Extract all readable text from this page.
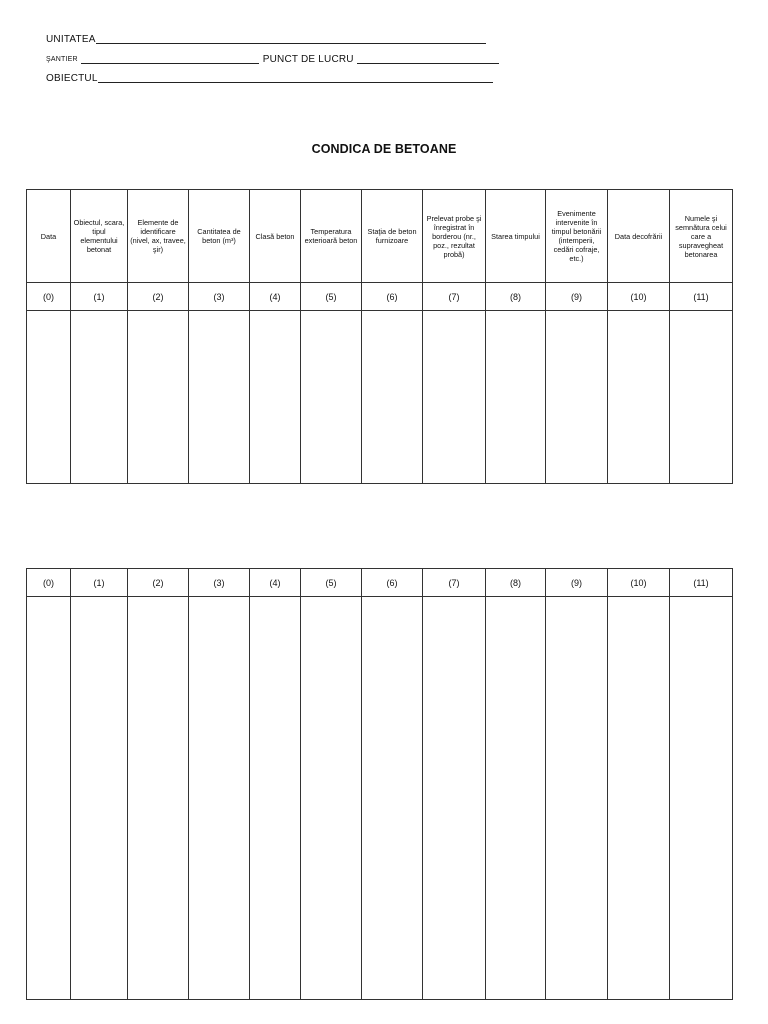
UNITATEA
ŞANTIER	PUNCT DE LUCRU
OBIECTUL
CONDICA DE BETOANE
Data	Obiectul, scara, tipul elementului betonat	Elemente de identificare (nivel, ax, travee, şir)	Cantitatea de beton (m³)	Clasă beton	Temperatura exterioară beton	Staţia de beton furnizoare	Prelevat probe şi înregistrat în borderou (nr., poz., rezultat probă)	Starea timpului	Evenimente intervenite în timpul betonării (intemperii, cedări cofraje, etc.)	Data decofrării	Numele şi semnătura celui care a supravegheat betonarea
(0)	(1)	(2)	(3)	(4)	(5)	(6)	(7)	(8)	(9)	(10)	(11)

(0)	(1)	(2)	(3)	(4)	(5)	(6)	(7)	(8)	(9)	(10)	(11)
